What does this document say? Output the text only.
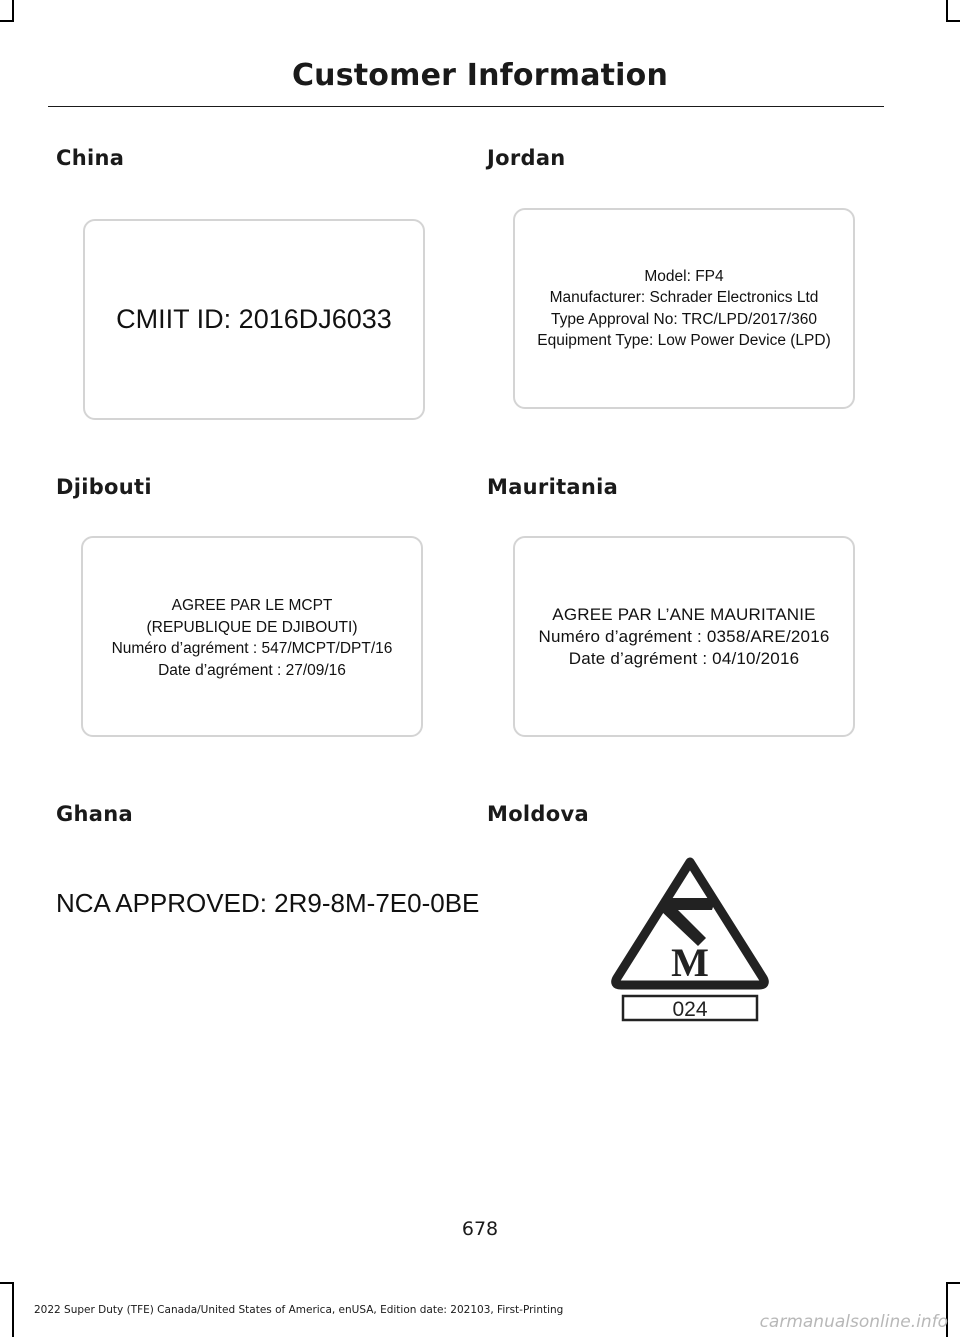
Customer Information
China
CMIIT ID: 2016DJ6033
Jordan
Model: FP4
Manufacturer: Schrader Electronics Ltd
Type Approval No: TRC/LPD/2017/360
Equipment Type: Low Power Device (LPD)
Djibouti
AGREE PAR LE MCPT
(REPUBLIQUE DE DJIBOUTI)
Numéro d’agrément : 547/MCPT/DPT/16
Date d’agrément : 27/09/16
Mauritania
AGREE PAR L’ANE MAURITANIE
Numéro d’agrément : 0358/ARE/2016
Date d’agrément : 04/10/2016
Ghana
NCA APPROVED: 2R9-8M-7E0-0BE
Moldova
M
024
678
2022 Super Duty (TFE) Canada/United States of America, enUSA, Edition date: 202103, First-Printing
carmanualsonline.info
